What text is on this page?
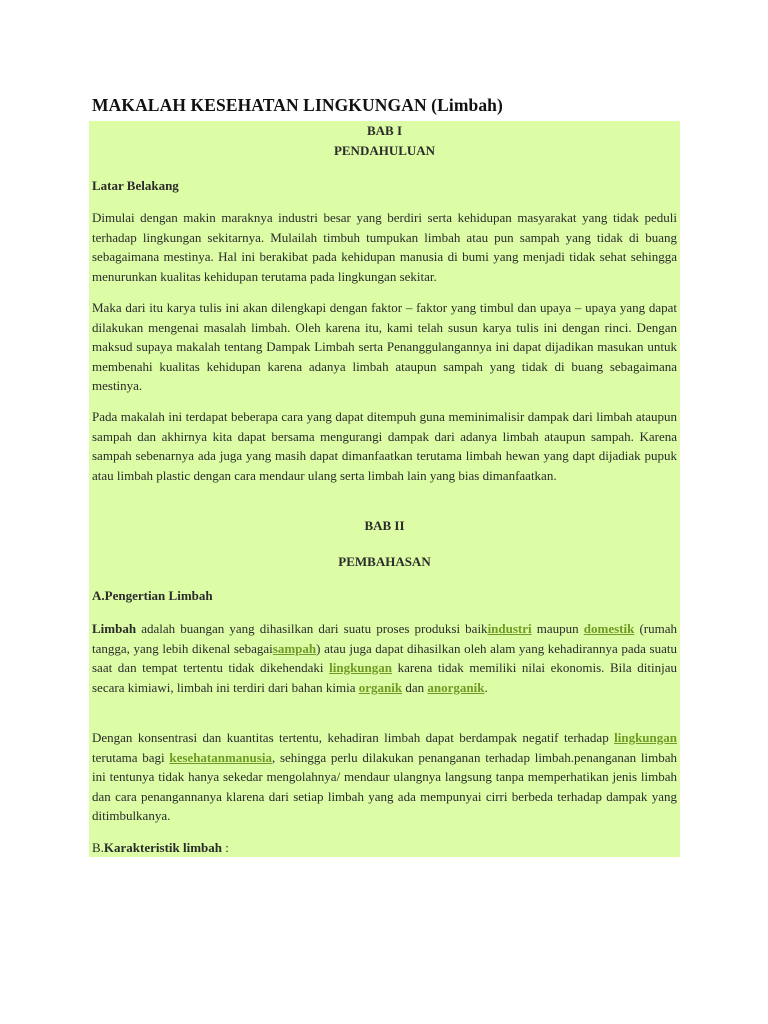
MAKALAH KESEHATAN LINGKUNGAN (Limbah)
BAB I
PENDAHULUAN
Latar Belakang

Dimulai dengan makin maraknya industri besar yang berdiri serta kehidupan masyarakat yang tidak peduli terhadap lingkungan sekitarnya. Mulailah timbuh tumpukan limbah atau pun sampah yang tidak di buang sebagaimana mestinya. Hal ini berakibat pada kehidupan manusia di bumi yang menjadi tidak sehat sehingga menurunkan kualitas kehidupan terutama pada lingkungan sekitar.

Maka dari itu karya tulis ini akan dilengkapi dengan faktor – faktor yang timbul dan upaya – upaya yang dapat dilakukan mengenai masalah limbah. Oleh karena itu, kami telah susun karya tulis ini dengan rinci. Dengan maksud supaya makalah tentang Dampak Limbah serta Penanggulangannya ini dapat dijadikan masukan untuk membenahi kualitas kehidupan karena adanya limbah ataupun sampah yang tidak di buang sebagaimana mestinya.

Pada makalah ini terdapat beberapa cara yang dapat ditempuh guna meminimalisir dampak dari limbah ataupun sampah dan akhirnya kita dapat bersama mengurangi dampak dari adanya limbah ataupun sampah. Karena sampah sebenarnya ada juga yang masih dapat dimanfaatkan terutama limbah hewan yang dapt dijadiak pupuk atau limbah plastic dengan cara mendaur ulang serta limbah lain yang bias dimanfaatkan.

BAB II
PEMBAHASAN
A.Pengertian Limbah

Limbah adalah buangan yang dihasilkan dari suatu proses produksi baikindustri maupun domestik (rumah tangga, yang lebih dikenal sebagaisampah) atau juga dapat dihasilkan oleh alam yang kehadirannya pada suatu saat dan tempat tertentu tidak dikehendaki lingkungan karena tidak memiliki nilai ekonomis. Bila ditinjau secara kimiawi, limbah ini terdiri dari bahan kimia organik dan anorganik.

Dengan konsentrasi dan kuantitas tertentu, kehadiran limbah dapat berdampak negatif terhadap lingkungan terutama bagi kesehatanmanusia, sehingga perlu dilakukan penanganan terhadap limbah.penanganan limbah ini tentunya tidak hanya sekedar mengolahnya/ mendaur ulangnya langsung tanpa memperhatikan jenis limbah dan cara penangannanya klarena dari setiap limbah yang ada mempunyai cirri berbeda terhadap dampak yang ditimbulkanya.

B.Karakteristik limbah :
